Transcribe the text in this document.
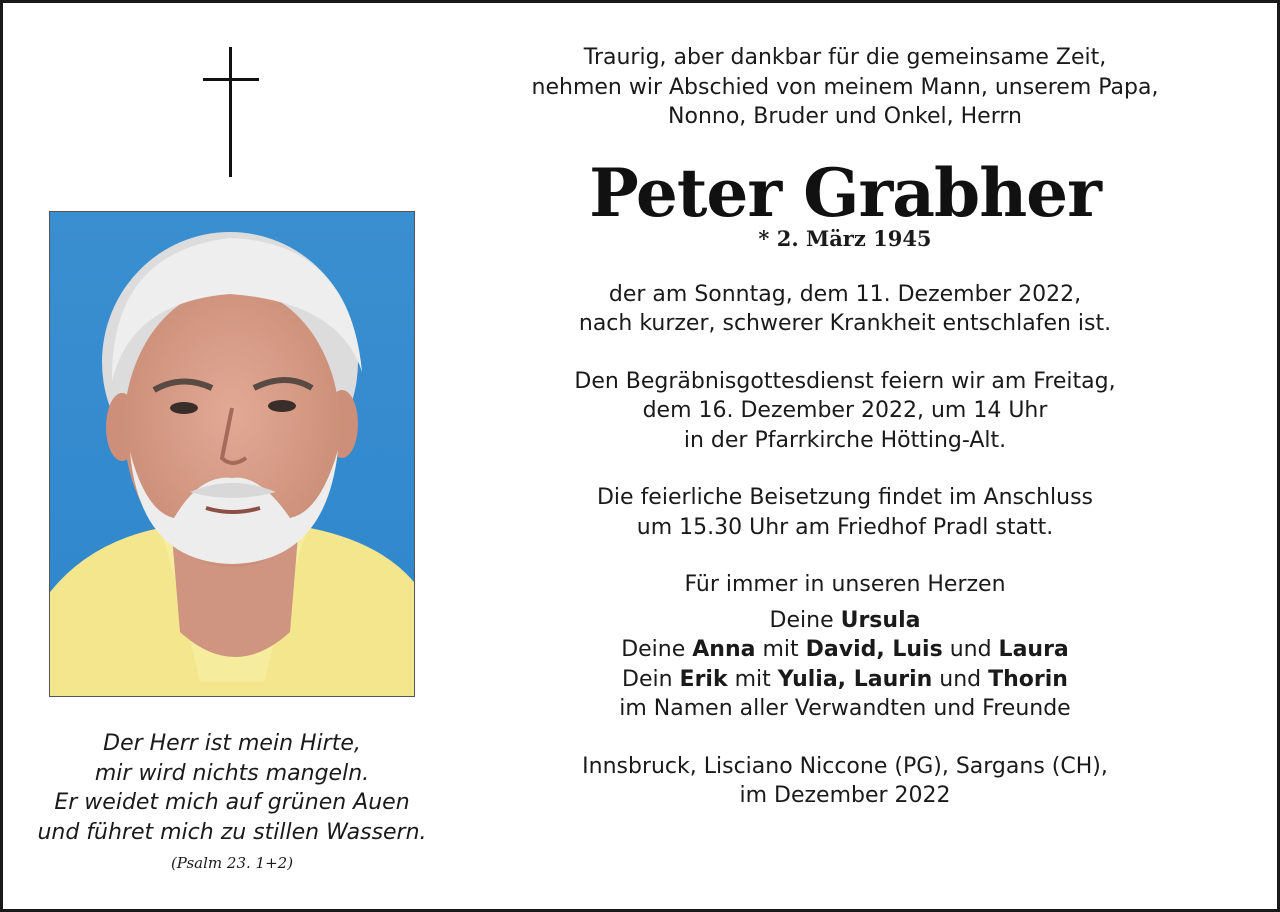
Der Herr ist mein Hirte,
mir wird nichts mangeln.
Er weidet mich auf grünen Auen
und führet mich zu stillen Wassern.
(Psalm 23. 1+2)

Traurig, aber dankbar für die gemeinsame Zeit,

nehmen wir Abschied von meinem Mann, unserem Papa,

Nonno, Bruder und Onkel, Herrn

Peter Grabher

* 2. März 1945

der am Sonntag, dem 11. Dezember 2022,

nach kurzer, schwerer Krankheit entschlafen ist.

Den Begräbnisgottesdienst feiern wir am Freitag,

dem 16. Dezember 2022, um 14 Uhr

in der Pfarrkirche Hötting-Alt.

Die feierliche Beisetzung findet im Anschluss

um 15.30 Uhr am Friedhof Pradl statt.

Für immer in unseren Herzen

Deine Ursula

Deine Anna mit David, Luis und Laura

Dein Erik mit Yulia, Laurin und Thorin

im Namen aller Verwandten und Freunde

Innsbruck, Lisciano Niccone (PG), Sargans (CH),

im Dezember 2022
